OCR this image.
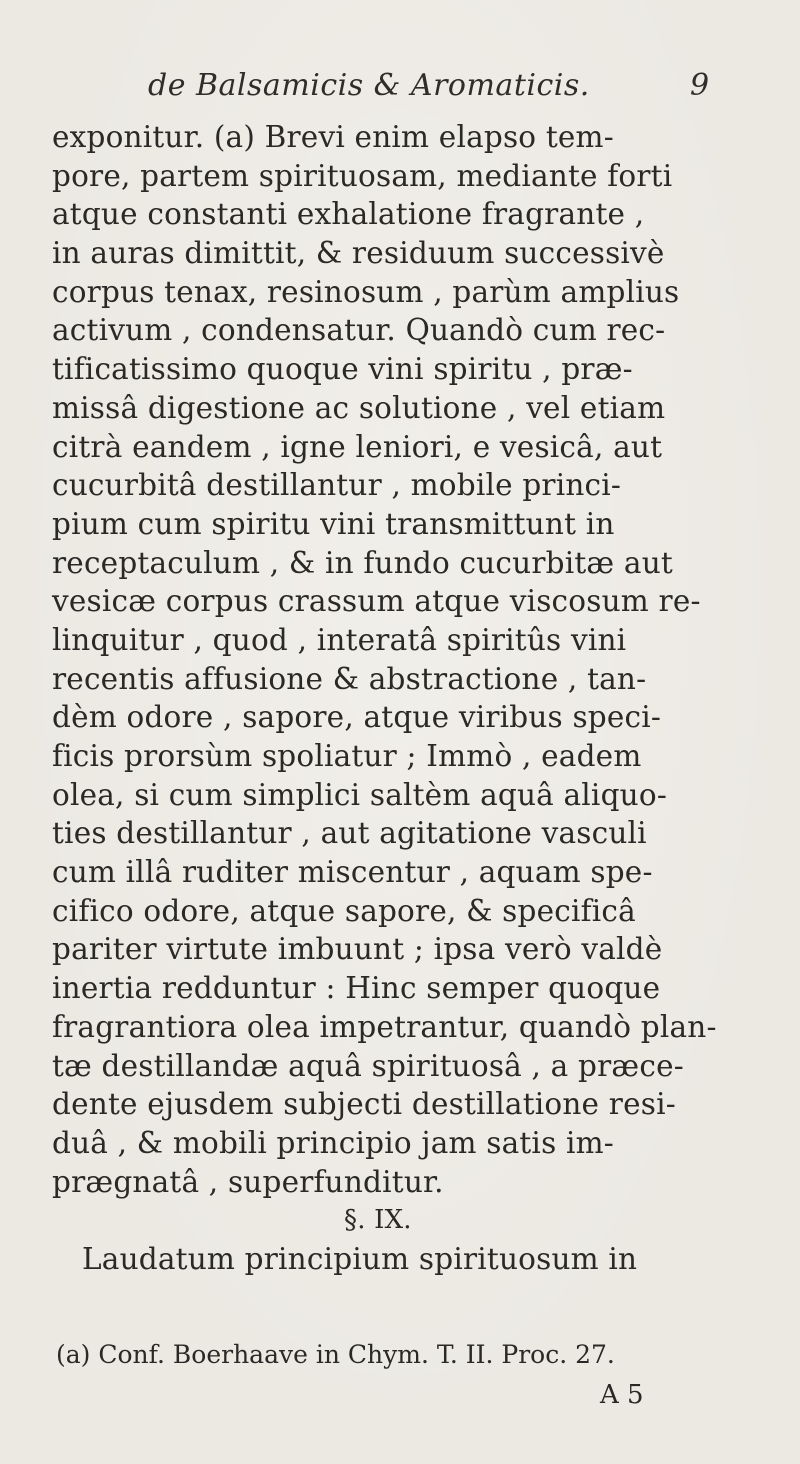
de Balsamicis & Aromaticis.	9
exponitur. (a) Brevi enim elapso tem-
pore, partem spirituosam, mediante forti
atque constanti exhalatione fragrante ,
in auras dimittit, & residuum successivè
corpus tenax, resinosum , parùm amplius
activum , condensatur. Quandò cum rec-
tificatissimo quoque vini spiritu , præ-
missâ digestione ac solutione , vel etiam
citrà eandem , igne leniori, e vesicâ, aut
cucurbitâ destillantur , mobile princi-
pium cum spiritu vini transmittunt in
receptaculum , & in fundo cucurbitæ aut
vesicæ corpus crassum atque viscosum re-
linquitur , quod , interatâ spiritûs vini
recentis affusione & abstractione , tan-
dèm odore , sapore, atque viribus speci-
ficis prorsùm spoliatur ; Immò , eadem
olea, si cum simplici saltèm aquâ aliquo-
ties destillantur , aut agitatione vasculi
cum illâ ruditer miscentur , aquam spe-
cifico odore, atque sapore, & specificâ
pariter virtute imbuunt ; ipsa verò valdè
inertia redduntur : Hinc semper quoque
fragrantiora olea impetrantur, quandò plan-
tæ destillandæ aquâ spirituosâ , a præce-
dente ejusdem subjecti destillatione resi-
duâ , & mobili principio jam satis im-
prægnatâ , superfunditur.
§. IX.
Laudatum principium spirituosum in
(a) Conf. Boerhaave in Chym. T. II. Proc. 27.
A 5
